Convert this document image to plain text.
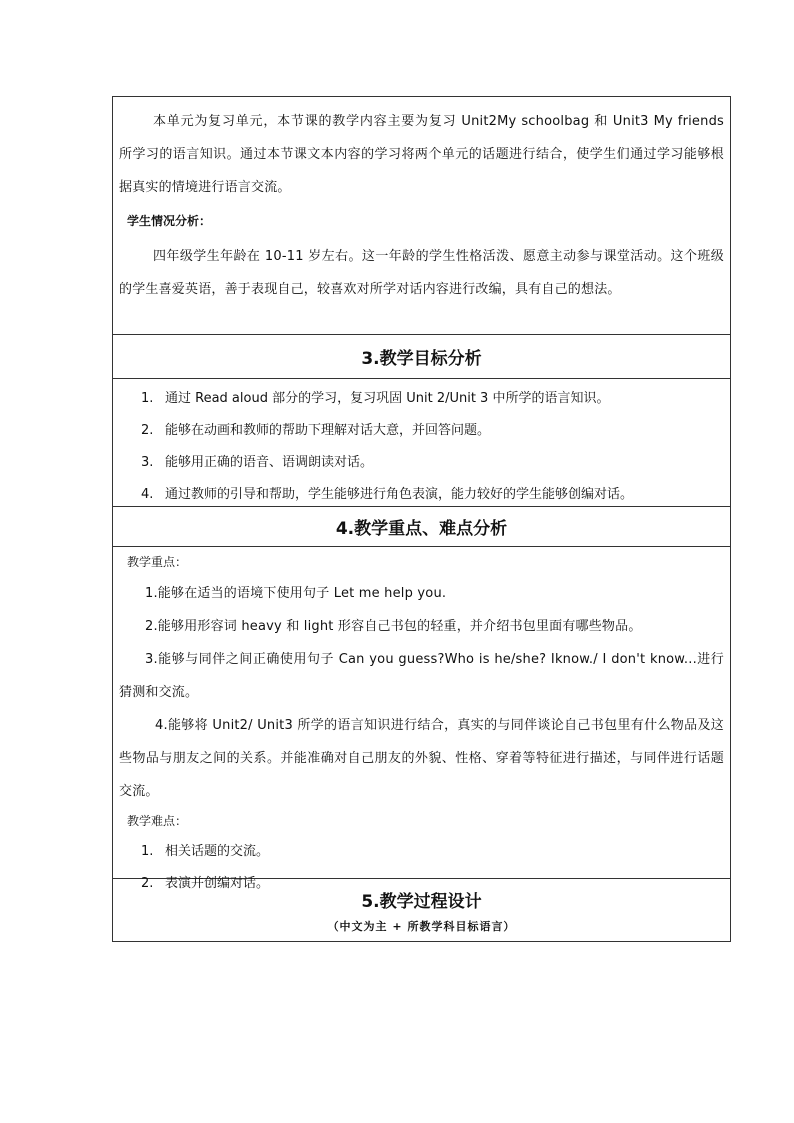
本单元为复习单元，本节课的教学内容主要为复习 Unit2My schoolbag 和 Unit3 My friends 所学习的语言知识。通过本节课文本内容的学习将两个单元的话题进行结合，使学生们通过学习能够根据真实的情境进行语言交流。

学生情况分析：

四年级学生年龄在 10-11 岁左右。这一年龄的学生性格活泼、愿意主动参与课堂活动。这个班级的学生喜爱英语，善于表现自己，较喜欢对所学对话内容进行改编，具有自己的想法。

3.教学目标分析
1. 通过 Read aloud 部分的学习，复习巩固 Unit 2/Unit 3 中所学的语言知识。
2. 能够在动画和教师的帮助下理解对话大意，并回答问题。
3. 能够用正确的语音、语调朗读对话。
4. 通过教师的引导和帮助，学生能够进行角色表演，能力较好的学生能够创编对话。
4.教学重点、难点分析

教学重点：

1.能够在适当的语境下使用句子 Let me help you.

2.能够用形容词 heavy 和 light 形容自己书包的轻重，并介绍书包里面有哪些物品。

3.能够与同伴之间正确使用句子 Can you guess?Who is he/she? Iknow./ I don't know...进行猜测和交流。

4.能够将 Unit2/ Unit3 所学的语言知识进行结合，真实的与同伴谈论自己书包里有什么物品及这些物品与朋友之间的关系。并能准确对自己朋友的外貌、性格、穿着等特征进行描述，与同伴进行话题交流。

教学难点：

1. 相关话题的交流。
2. 表演并创编对话。
5.教学过程设计

（中文为主 + 所教学科目标语言）
